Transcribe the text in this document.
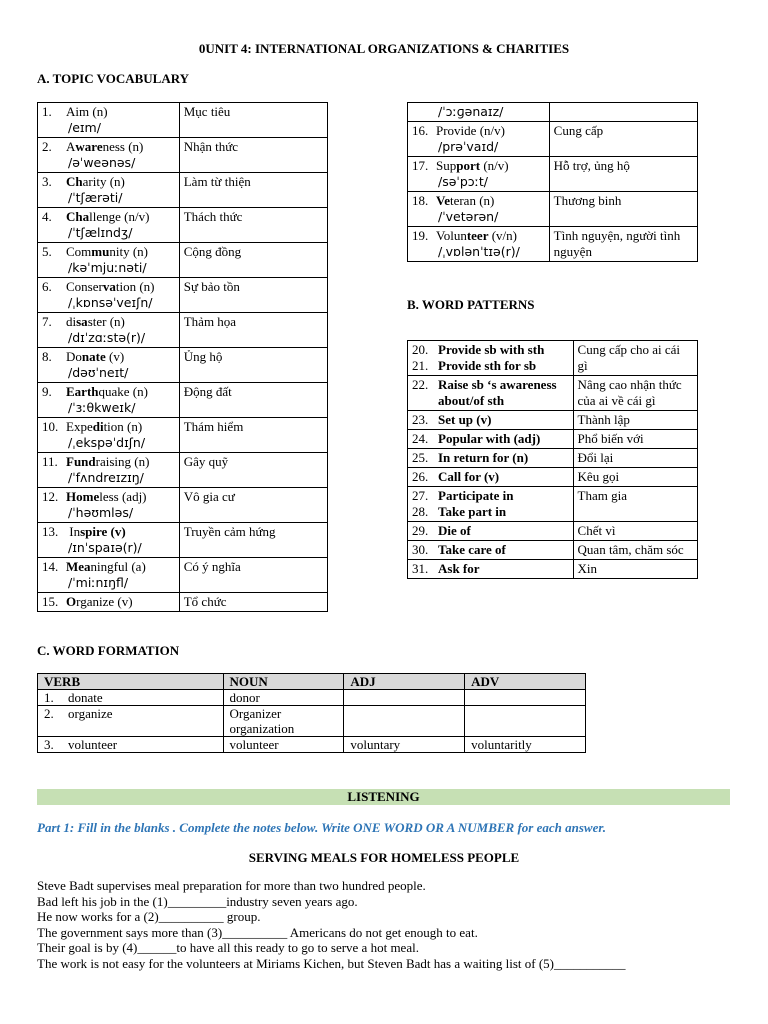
0UNIT 4: INTERNATIONAL ORGANIZATIONS & CHARITIES
A. TOPIC VOCABULARY
1. Aim (n)
/eɪm/	Mục tiêu

2. Awareness (n)
/əˈweənəs/	Nhận thức

3. Charity (n)
/ˈtʃærəti/	Làm từ thiện

4. Challenge (n/v)
/ˈtʃælɪndʒ/	Thách thức

5. Community (n)
/kəˈmjuːnəti/	Cộng đồng

6. Conservation (n)
/ˌkɒnsəˈveɪʃn/	Sự bảo tồn

7. disaster (n)
/dɪˈzɑːstə(r)/	Thảm họa

8. Donate (v)
/dəʊˈneɪt/	Ủng hộ

9. Earthquake (n)
/ˈɜːθkweɪk/	Động đất

10. Expedition (n)
/ˌekspəˈdɪʃn/	Thám hiểm

11. Fundraising (n)
/ˈfʌndreɪzɪŋ/	Gây quỹ

12. Homeless (adj)
/ˈhəʊmləs/	Vô gia cư

13. Inspire (v)
/ɪnˈspaɪə(r)/	Truyền cảm hứng

14. Meaningful (a)
/ˈmiːnɪŋfl/	Có ý nghĩa

15. Organize (v)	Tổ chức
/ˈɔːɡənaɪz/	

16. Provide (n/v)
/prəˈvaɪd/	Cung cấp

17. Support (n/v)
/səˈpɔːt/	Hỗ trợ, ủng hộ

18. Veteran (n)
/ˈvetərən/	Thương binh

19. Volunteer (v/n)
/ˌvɒlənˈtɪə(r)/	Tình nguyện, người tình nguyện
B. WORD PATTERNS
20. Provide sb with sth
21. Provide sth for sb	Cung cấp cho ai cái gì

22. Raise sb ‘s awareness about/of sth	Nâng cao nhận thức của ai về cái gì

23. Set up (v)	Thành lập

24. Popular with (adj)	Phổ biến với

25. In return for (n)	Đổi lại

26. Call for (v)	Kêu gọi

27. Participate in
28. Take part in	Tham gia

29. Die of	Chết vì

30. Take care of	Quan tâm, chăm sóc

31. Ask for	Xin
C. WORD FORMATION
VERB	NOUN	ADJ	ADV
1. donate	donor		

2. organize	Organizer
organization		

3. volunteer	volunteer	voluntary	voluntaritly
LISTENING
Part 1: Fill in the blanks . Complete the notes below. Write ONE WORD OR A NUMBER for each answer.
SERVING MEALS FOR HOMELESS PEOPLE
Steve Badt supervises meal preparation for more than two hundred people.
Bad left his job in the (1)_________industry seven years ago.
He now works for a (2)__________ group.
The government says more than (3)__________ Americans do not get enough to eat.
Their goal is by (4)______to have all this ready to go to serve a hot meal.
The work is not easy for the volunteers at Miriams Kichen, but Steven Badt has a waiting list of (5)___________
